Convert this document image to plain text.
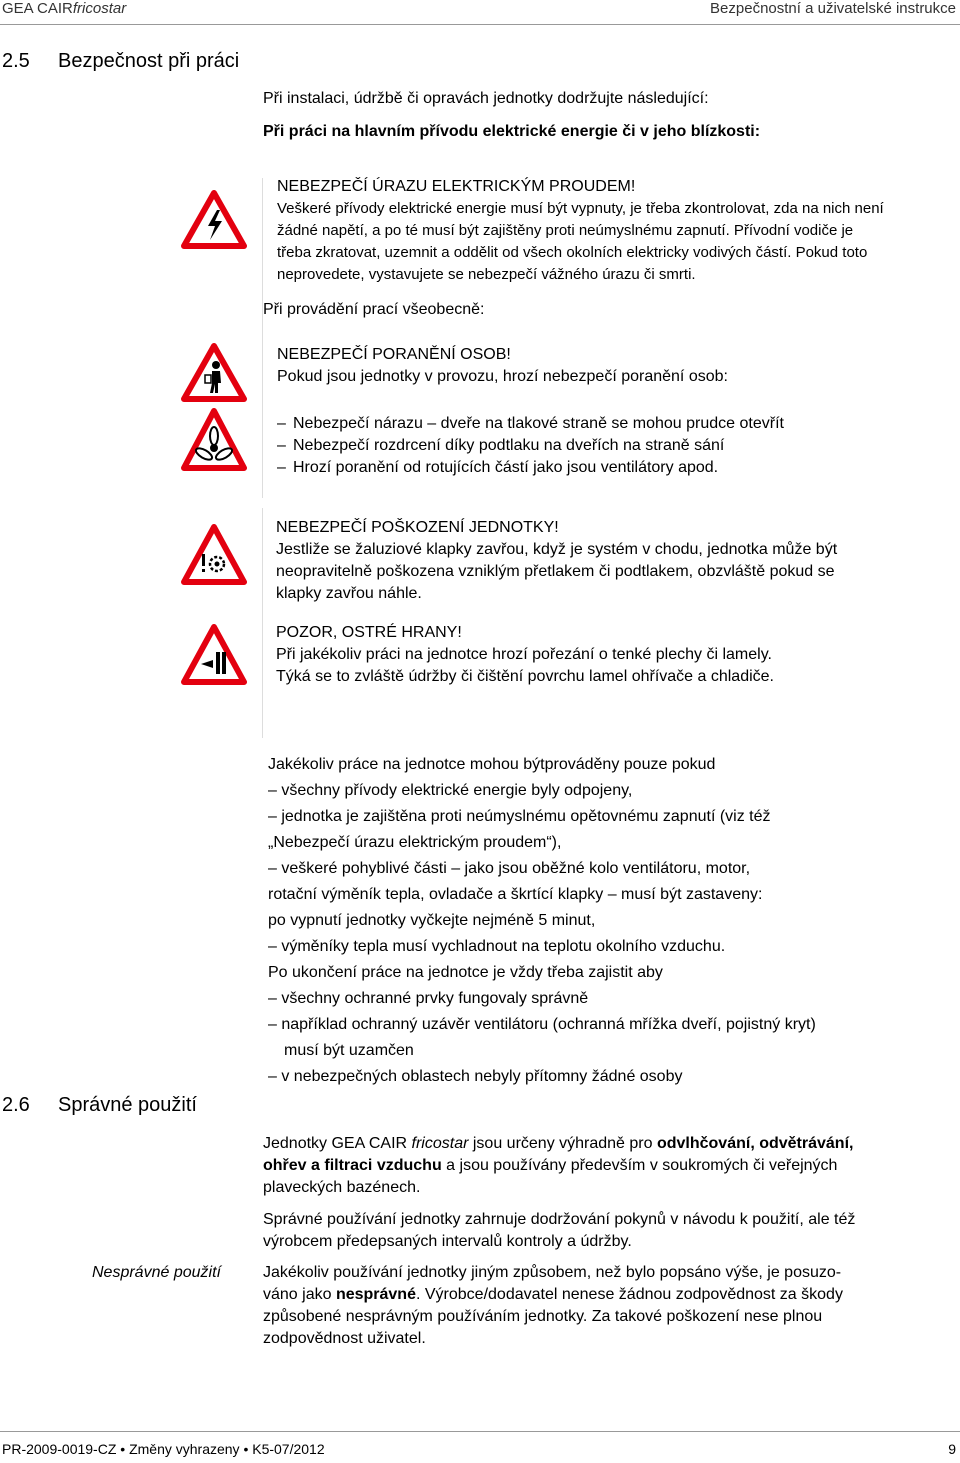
GEA CAIRfricostar	Bezpečnostní a uživatelské instrukce
2.5 Bezpečnost při práci
Při instalaci, údržbě či opravách jednotky dodržujte následující:
Při práci na hlavním přívodu elektrické energie či v jeho blízkosti:
NEBEZPEČÍ ÚRAZU ELEKTRICKÝM PROUDEM!
Veškeré přívody elektrické energie musí být vypnuty, je třeba zkontrolovat, zda na nich není
žádné napětí, a po té musí být zajištěny proti neúmyslnému zapnutí. Přívodní vodiče je
třeba zkratovat, uzemnit a oddělit od všech okolních elektricky vodivých částí. Pokud toto
neprovedete, vystavujete se nebezpečí vážného úrazu či smrti.
Při provádění prací všeobecně:
NEBEZPEČÍ PORANĚNÍ OSOB!
Pokud jsou jednotky v provozu, hrozí nebezpečí poranění osob:
– Nebezpečí nárazu – dveře na tlakové straně se mohou prudce otevřít
– Nebezpečí rozdrcení díky podtlaku na dveřích na straně sání
– Hrozí poranění od rotujících částí jako jsou ventilátory apod.
NEBEZPEČÍ POŠKOZENÍ JEDNOTKY!
Jestliže se žaluziové klapky zavřou, když je systém v chodu, jednotka může být
neopravitelně poškozena vzniklým přetlakem či podtlakem, obzvláště pokud se
klapky zavřou náhle.
POZOR, OSTRÉ HRANY!
Při jakékoliv práci na jednotce hrozí pořezání o tenké plechy či lamely.
Týká se to zvláště údržby či čištění povrchu lamel ohřívače a chladiče.
Jakékoliv práce na jednotce mohou býtprováděny pouze pokud
– všechny přívody elektrické energie byly odpojeny,
– jednotka je zajištěna proti neúmyslnému opětovnému zapnutí (viz též
„Nebezpečí úrazu elektrickým proudem“),
– veškeré pohyblivé části – jako jsou oběžné kolo ventilátoru, motor,
rotační výměník tepla, ovladače a škrtící klapky – musí být zastaveny:
po vypnutí jednotky vyčkejte nejméně 5 minut,
– výměníky tepla musí vychladnout na teplotu okolního vzduchu.
Po ukončení práce na jednotce je vždy třeba zajistit aby
– všechny ochranné prvky fungovaly správně
– například ochranný uzávěr ventilátoru (ochranná mřížka dveří, pojistný kryt)
musí být uzamčen
– v nebezpečných oblastech nebyly přítomny žádné osoby
2.6 Správné použití
Jednotky GEA CAIR fricostar jsou určeny výhradně pro odvlhčování, odvětrávání,
ohřev a filtraci vzduchu a jsou používány především v soukromých či veřejných
plaveckých bazénech.
Správné používání jednotky zahrnuje dodržování pokynů v návodu k použití, ale též
výrobcem předepsaných intervalů kontroly a údržby.
Nesprávné použití	Jakékoliv používání jednotky jiným způsobem, než bylo popsáno výše, je posuzo-
váno jako nesprávné. Výrobce/dodavatel nenese žádnou zodpovědnost za škody
způsobené nesprávným používáním jednotky. Za takové poškození nese plnou
zodpovědnost uživatel.
PR-2009-0019-CZ • Změny vyhrazeny • K5-07/2012	9
